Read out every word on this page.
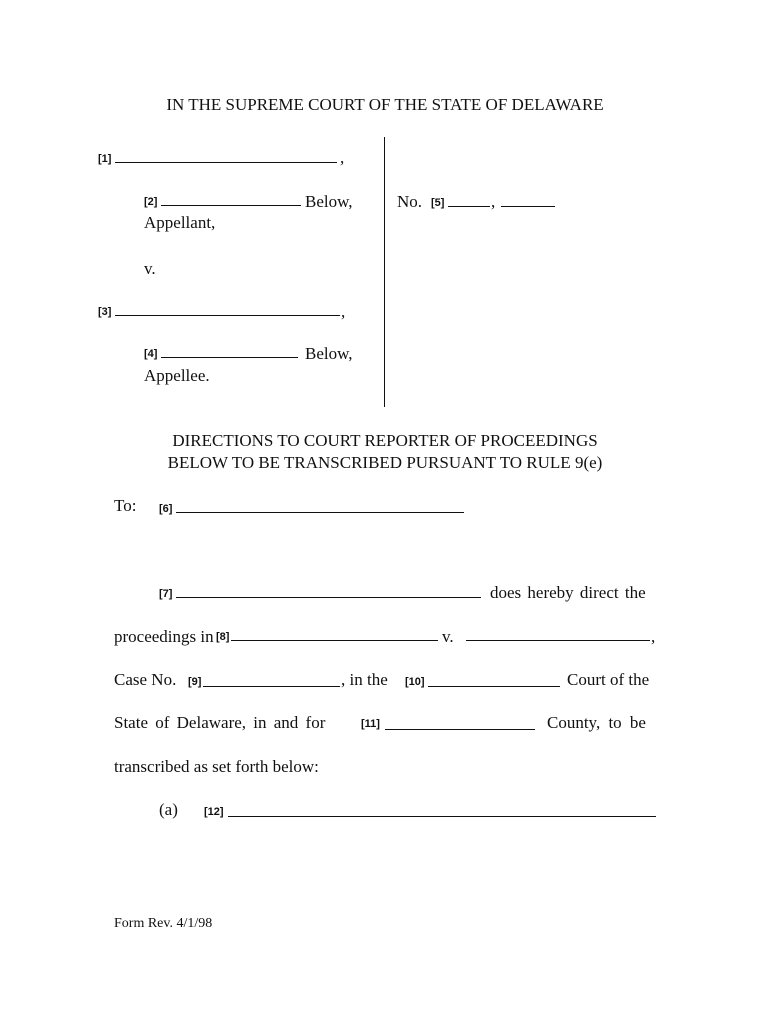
IN THE SUPREME COURT OF THE STATE OF DELAWARE
[1]	,
[2]	Below,
Appellant,
v.
[3]	,
[4]	Below,
Appellee.
No. [5]	,
DIRECTIONS TO COURT REPORTER OF PROCEEDINGS
BELOW TO BE TRANSCRIBED PURSUANT TO RULE 9(e)
To: [6]
[7]	does hereby direct the
proceedings in [8]	v.	,
Case No. [9]	, in the [10]	Court of the
State of Delaware, in and for	[11]	County, to be
transcribed as set forth below:
(a) [12]
Form Rev. 4/1/98
